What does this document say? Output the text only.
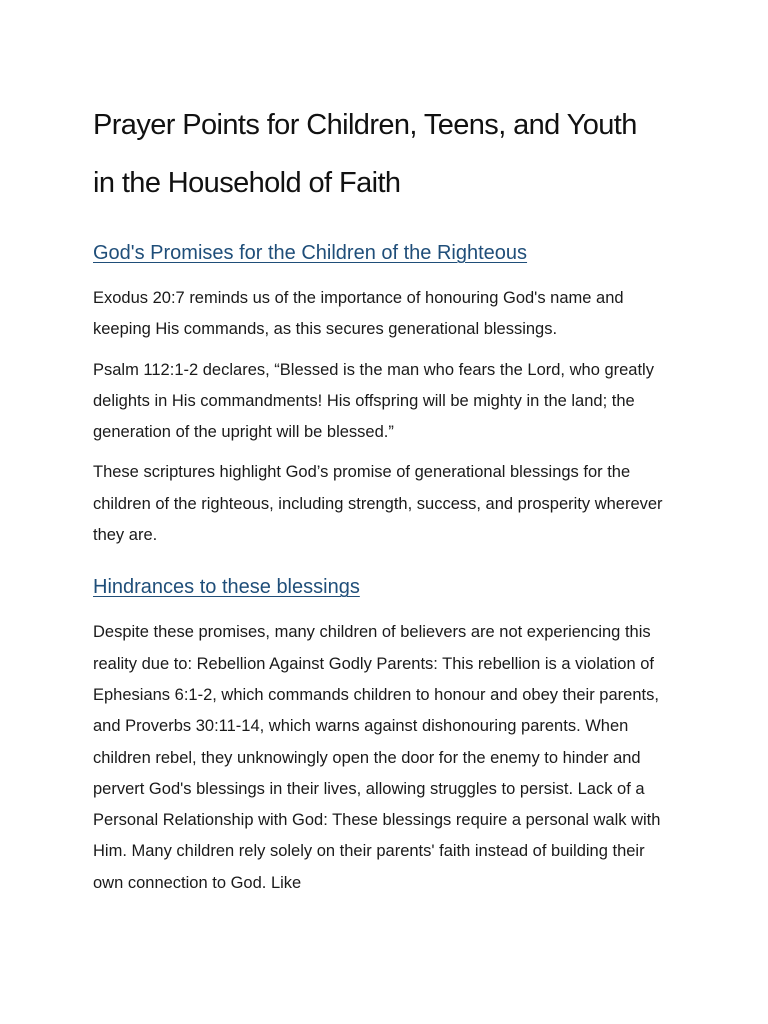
Prayer Points for Children, Teens, and Youth
in the Household of Faith
God's Promises for the Children of the Righteous

Exodus 20:7 reminds us of the importance of honouring God's name and keeping His commands, as this secures generational blessings.

Psalm 112:1-2 declares, “Blessed is the man who fears the Lord, who greatly delights in His commandments! His offspring will be mighty in the land; the generation of the upright will be blessed.”

These scriptures highlight God’s promise of generational blessings for the children of the righteous, including strength, success, and prosperity wherever they are.

Hindrances to these blessings

Despite these promises, many children of believers are not experiencing this reality due to: Rebellion Against Godly Parents: This rebellion is a violation of Ephesians 6:1-2, which commands children to honour and obey their parents, and Proverbs 30:11-14, which warns against dishonouring parents. When children rebel, they unknowingly open the door for the enemy to hinder and pervert God's blessings in their lives, allowing struggles to persist. Lack of a Personal Relationship with God: These blessings require a personal walk with Him. Many children rely solely on their parents' faith instead of building their own connection to God. Like
